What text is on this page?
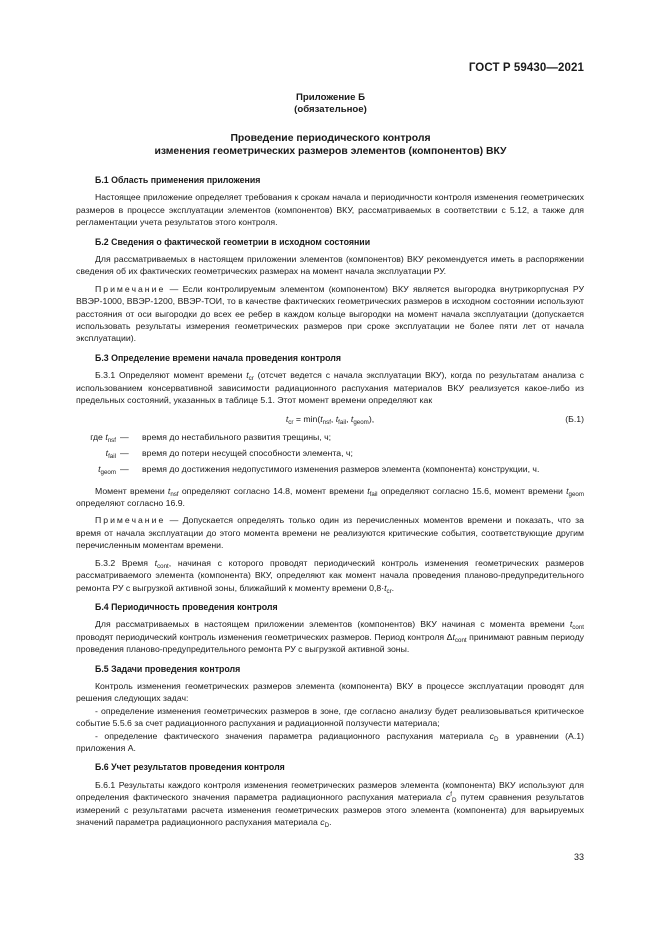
ГОСТ Р 59430—2021
Приложение Б
(обязательное)
Проведение периодического контроля
изменения геометрических размеров элементов (компонентов) ВКУ
Б.1 Область применения приложения

Настоящее приложение определяет требования к срокам начала и периодичности контроля изменения геометрических размеров в процессе эксплуатации элементов (компонентов) ВКУ, рассматриваемых в соответствии с 5.12, а также для регламентации учета результатов этого контроля.

Б.2 Сведения о фактической геометрии в исходном состоянии

Для рассматриваемых в настоящем приложении элементов (компонентов) ВКУ рекомендуется иметь в распоряжении сведения об их фактических геометрических размерах на момент начала эксплуатации РУ.

Примечание — Если контролируемым элементом (компонентом) ВКУ является выгородка внутрикорпусная РУ ВВЭР-1000, ВВЭР-1200, ВВЭР-ТОИ, то в качестве фактических геометрических размеров в исходном состоянии используют расстояния от оси выгородки до всех ее ребер в каждом кольце выгородки на момент начала эксплуатации (допускается использовать результаты измерения геометрических размеров при сроке эксплуатации не более пяти лет от начала эксплуатации).

Б.3 Определение времени начала проведения контроля

Б.3.1 Определяют момент времени $t_{cr}$ (отсчет ведется с начала эксплуатации ВКУ), когда по результатам анализа с использованием консервативной зависимости радиационного распухания материалов ВКУ реализуется какое-либо из предельных состояний, указанных в таблице 5.1. Этот момент времени определяют как

$t_{cr} = \min(t_{nsf}$, $t_{fail}$, $t_{geom}$),	(Б.1)
где $t_{nsf}$ — время до нестабильного развития трещины, ч;
$t_{fail}$ — время до потери несущей способности элемента, ч;
$t_{geom}$ — время до достижения недопустимого изменения размеров элемента (компонента) конструкции, ч.

Момент времени $t_{nsf}$ определяют согласно 14.8, момент времени $t_{fail}$ определяют согласно 15.6, момент времени $t_{geom}$ определяют согласно 16.9.

Примечание — Допускается определять только один из перечисленных моментов времени и показать, что за время от начала эксплуатации до этого момента времени не реализуются критические события, соответствующие другим перечисленным моментам времени.

Б.3.2 Время $t_{cont}$, начиная с которого проводят периодический контроль изменения геометрических размеров рассматриваемого элемента (компонента) ВКУ, определяют как момент начала проведения планово-предупредительного ремонта РУ с выгрузкой активной зоны, ближайший к моменту времени $0,8\cdot t_{cr}$.

Б.4 Периодичность проведения контроля

Для рассматриваемых в настоящем приложении элементов (компонентов) ВКУ начиная с момента времени $t_{cont}$ проводят периодический контроль изменения геометрических размеров. Период контроля $\Delta t_{cont}$ принимают равным периоду проведения планово-предупредительного ремонта РУ с выгрузкой активной зоны.

Б.5 Задачи проведения контроля

Контроль изменения геометрических размеров элемента (компонента) ВКУ в процессе эксплуатации проводят для решения следующих задач:

- определение изменения геометрических размеров в зоне, где согласно анализу будет реализовываться критическое событие 5.5.6 за счет радиационного распухания и радиационной ползучести материала;

- определение фактического значения параметра радиационного распухания материала $c_D$ в уравнении (А.1) приложения А.

Б.6 Учет результатов проведения контроля

Б.6.1 Результаты каждого контроля изменения геометрических размеров элемента (компонента) ВКУ используют для определения фактического значения параметра радиационного распухания материала $c^f_D$ путем сравнения результатов измерений с результатами расчета изменения геометрических размеров этого элемента (компонента) для варьируемых значений параметра радиационного распухания материала $c_D$.

33
